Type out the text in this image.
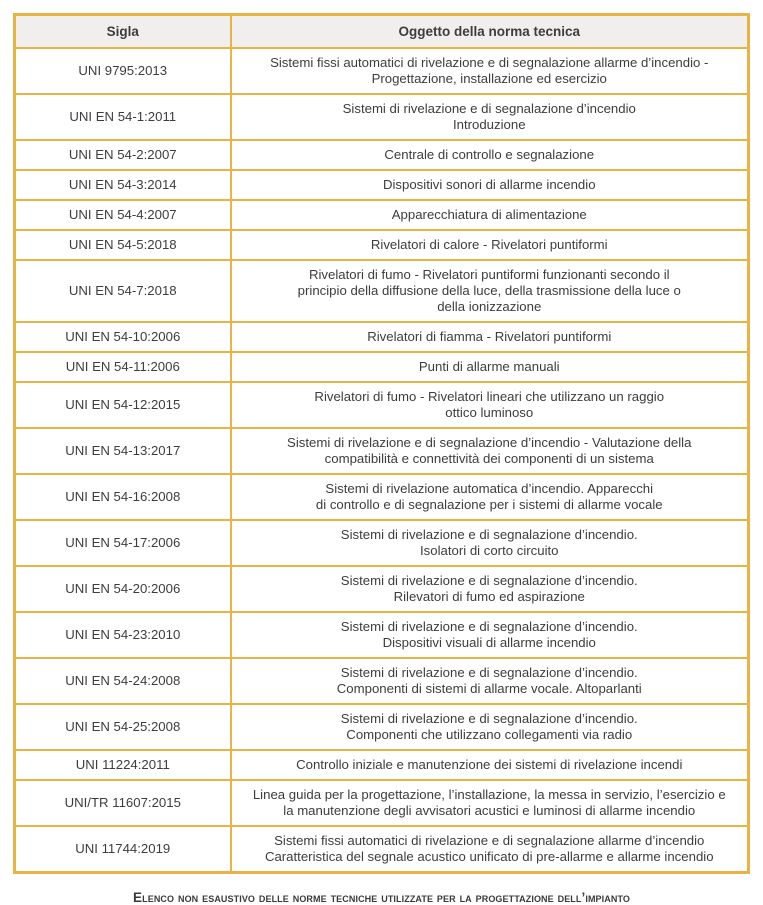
Sigla	Oggetto della norma tecnica
UNI 9795:2013	Sistemi fissi automatici di rivelazione e di segnalazione allarme d’incendio -
Progettazione, installazione ed esercizio

UNI EN 54-1:2011	Sistemi di rivelazione e di segnalazione d’incendio
Introduzione

UNI EN 54-2:2007	Centrale di controllo e segnalazione

UNI EN 54-3:2014	Dispositivi sonori di allarme incendio

UNI EN 54-4:2007	Apparecchiatura di alimentazione

UNI EN 54-5:2018	Rivelatori di calore - Rivelatori puntiformi

UNI EN 54-7:2018	Rivelatori di fumo - Rivelatori puntiformi funzionanti secondo il
principio della diffusione della luce, della trasmissione della luce o
della ionizzazione

UNI EN 54-10:2006	Rivelatori di fiamma - Rivelatori puntiformi

UNI EN 54-11:2006	Punti di allarme manuali

UNI EN 54-12:2015	Rivelatori di fumo - Rivelatori lineari che utilizzano un raggio
ottico luminoso

UNI EN 54-13:2017	Sistemi di rivelazione e di segnalazione d’incendio - Valutazione della
compatibilità e connettività dei componenti di un sistema

UNI EN 54-16:2008	Sistemi di rivelazione automatica d’incendio. Apparecchi
di controllo e di segnalazione per i sistemi di allarme vocale

UNI EN 54-17:2006	Sistemi di rivelazione e di segnalazione d’incendio.
Isolatori di corto circuito

UNI EN 54-20:2006	Sistemi di rivelazione e di segnalazione d’incendio.
Rilevatori di fumo ed aspirazione

UNI EN 54-23:2010	Sistemi di rivelazione e di segnalazione d’incendio.
Dispositivi visuali di allarme incendio

UNI EN 54-24:2008	Sistemi di rivelazione e di segnalazione d’incendio.
Componenti di sistemi di allarme vocale. Altoparlanti

UNI EN 54-25:2008	Sistemi di rivelazione e di segnalazione d’incendio.
Componenti che utilizzano collegamenti via radio

UNI 11224:2011	Controllo iniziale e manutenzione dei sistemi di rivelazione incendi

UNI/TR 11607:2015	Linea guida per la progettazione, l’installazione, la messa in servizio, l’esercizio e
la manutenzione degli avvisatori acustici e luminosi di allarme incendio

UNI 11744:2019	Sistemi fissi automatici di rivelazione e di segnalazione allarme d’incendio
Caratteristica del segnale acustico unificato di pre-allarme e allarme incendio
Elenco non esaustivo delle norme tecniche utilizzate per la progettazione dell’impianto
